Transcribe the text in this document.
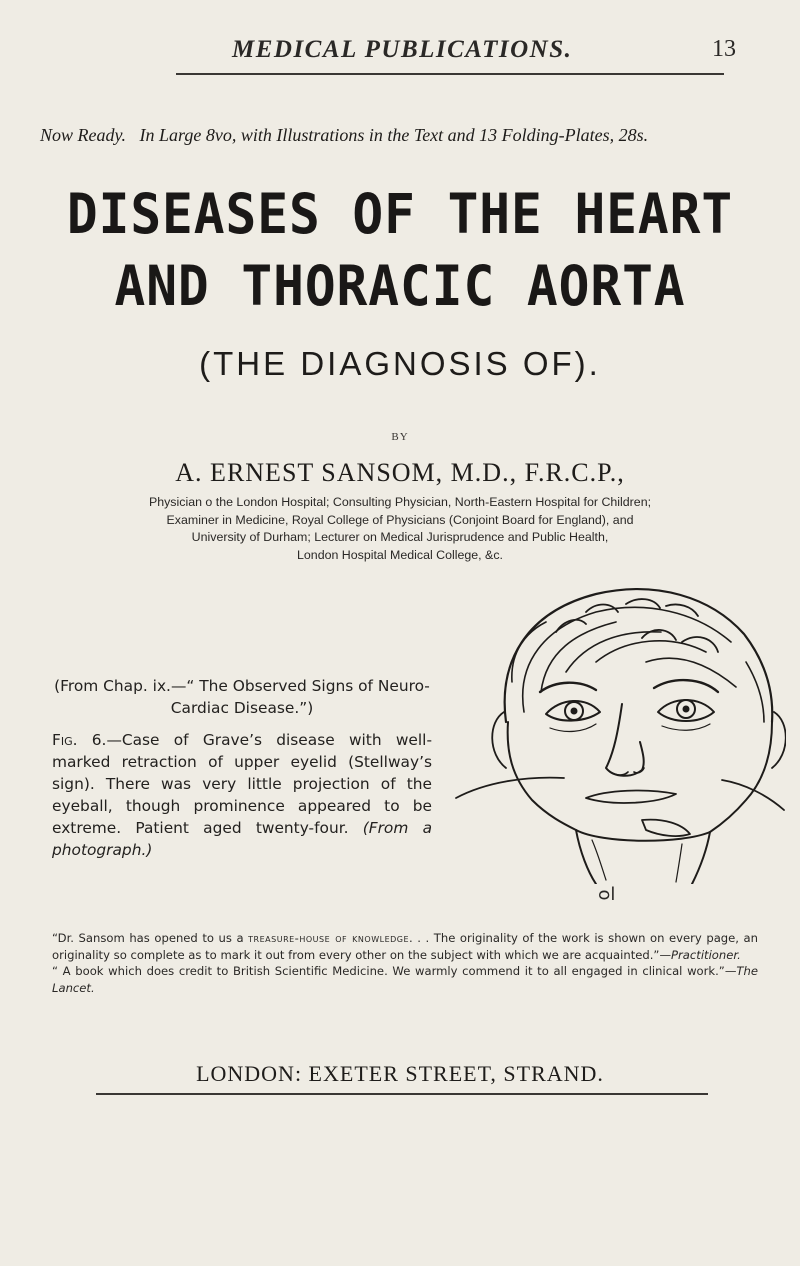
MEDICAL PUBLICATIONS.	13
Now Ready. In Large 8vo, with Illustrations in the Text and 13 Folding-Plates, 28s.
DISEASES OF THE HEART
AND THORACIC AORTA
(THE DIAGNOSIS OF).
BY
A. ERNEST SANSOM, M.D., F.R.C.P.,
Physician o the London Hospital; Consulting Physician, North-Eastern Hospital for Children;
Examiner in Medicine, Royal College of Physicians (Conjoint Board for England), and
University of Durham; Lecturer on Medical Jurisprudence and Public Health,
London Hospital Medical College, &c.

(From Chap. ix.—“ The Observed Signs of Neuro-Cardiac Disease.”)

Fig. 6.—Case of Grave’s disease with well-marked retraction of upper eyelid (Stellway’s sign). There was very little projection of the eyeball, though prominence appeared to be extreme. Patient aged twenty-four. (From a photograph.)

ᴑl

“Dr. Sansom has opened to us a treasure-house of knowledge. . . The originality of the work is shown on every page, an originality so complete as to mark it out from every other on the subject with which we are acquainted.”—Practitioner.

“ A book which does credit to British Scientific Medicine. We warmly commend it to all engaged in clinical work.”—The Lancet.

LONDON: EXETER STREET, STRAND.
